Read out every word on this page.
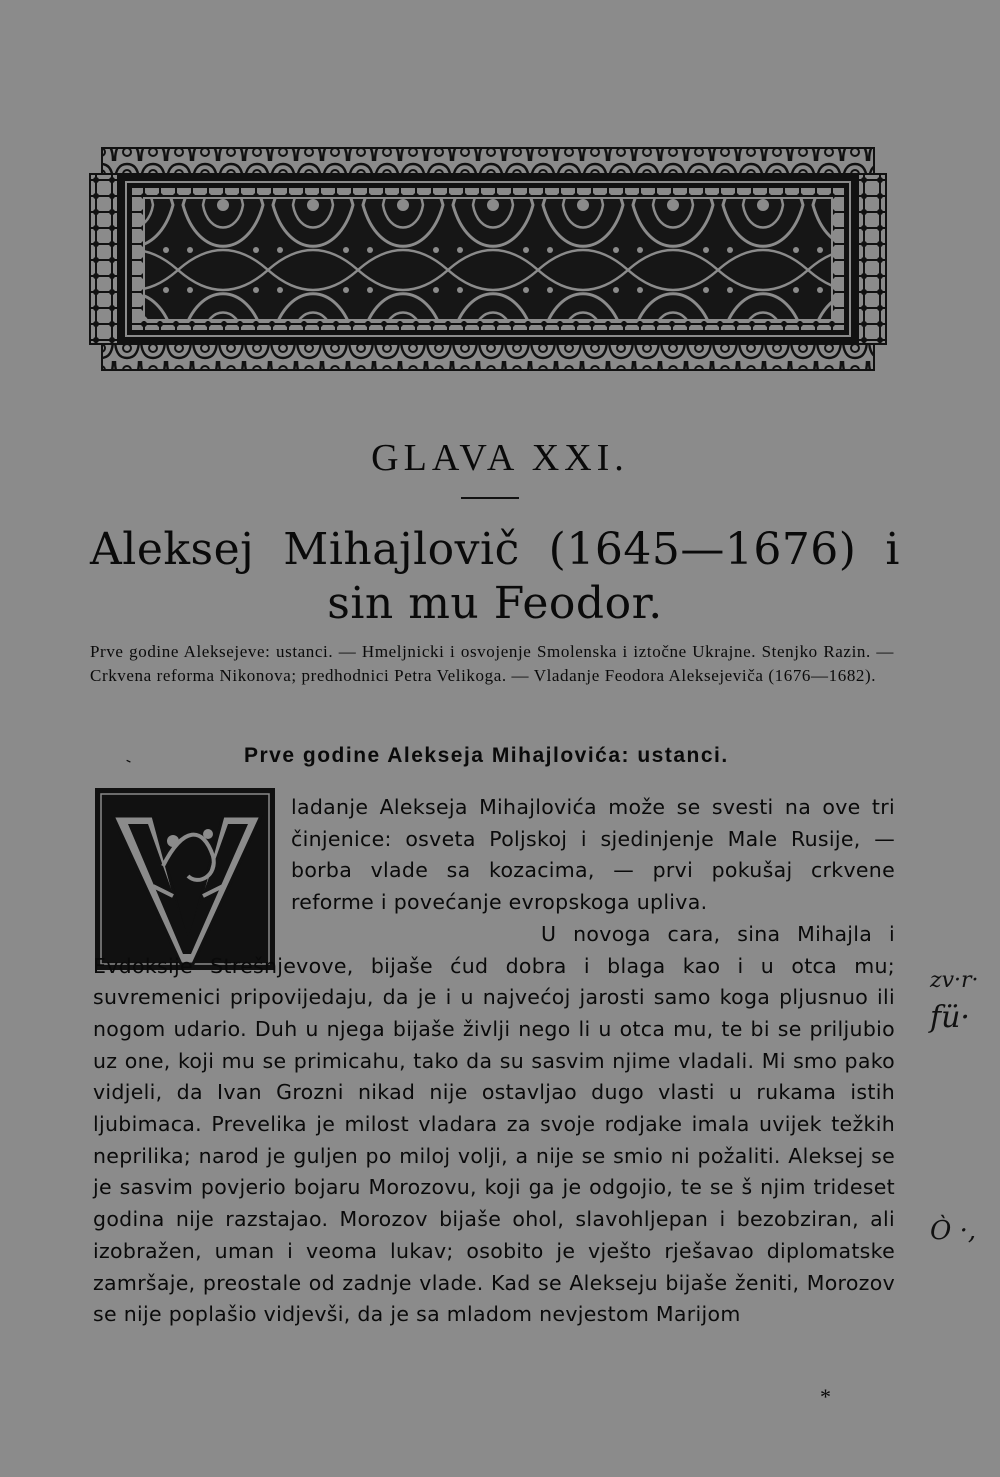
GLAVA XXI.
Aleksej Mihajlovič (1645—1676) i sin mu Feodor.
Prve godine Aleksejeve: ustanci. — Hmeljnicki i osvojenje Smolenska i iztočne Ukrajne. Stenjko Razin. — Crkvena reforma Nikonova; predhodnici Petra Velikoga. — Vladanje Feodora Aleksejeviča (1676—1682).
-	Prve godine Alekseja Mihajlovića: ustanci.
V

ladanje Alekseja Mihajlovića može se svesti na ove tri činjenice: osveta Poljskoj i sjedinjenje Male Rusije, — borba vlade sa kozacima, — prvi pokušaj crkvene reforme i povećanje evropskoga upliva.

U novoga cara, sina Mihajla i Evdoksije Strešnjevove, bijaše ćud dobra i blaga kao i u otca mu; suvremenici pripovijedaju, da je i u najvećoj jarosti samo koga pljusnuo ili nogom udario. Duh u njega bijaše življi nego li u otca mu, te bi se priljubio uz one, koji mu se primicahu, tako da su sasvim njime vladali. Mi smo pako vidjeli, da Ivan Grozni nikad nije ostavljao dugo vlasti u rukama istih ljubimaca. Prevelika je milost vladara za svoje rodjake imala uvijek težkih neprilika; narod je guljen po miloj volji, a nije se smio ni požaliti. Aleksej se je sasvim povjerio bojaru Morozovu, koji ga je odgojio, te se š njim trideset godina nije razstajao. Morozov bijaše ohol, slavohljepan i bezobziran, ali izobražen, uman i veoma lukav; osobito je vješto rješavao diplomatske zamršaje, preostale od zadnje vlade. Kad se Alekseju bijaše ženiti, Morozov se nije poplašio vidjevši, da je sa mladom nevjestom Marijom

*
zv·r·
fü·
Ò ·,
